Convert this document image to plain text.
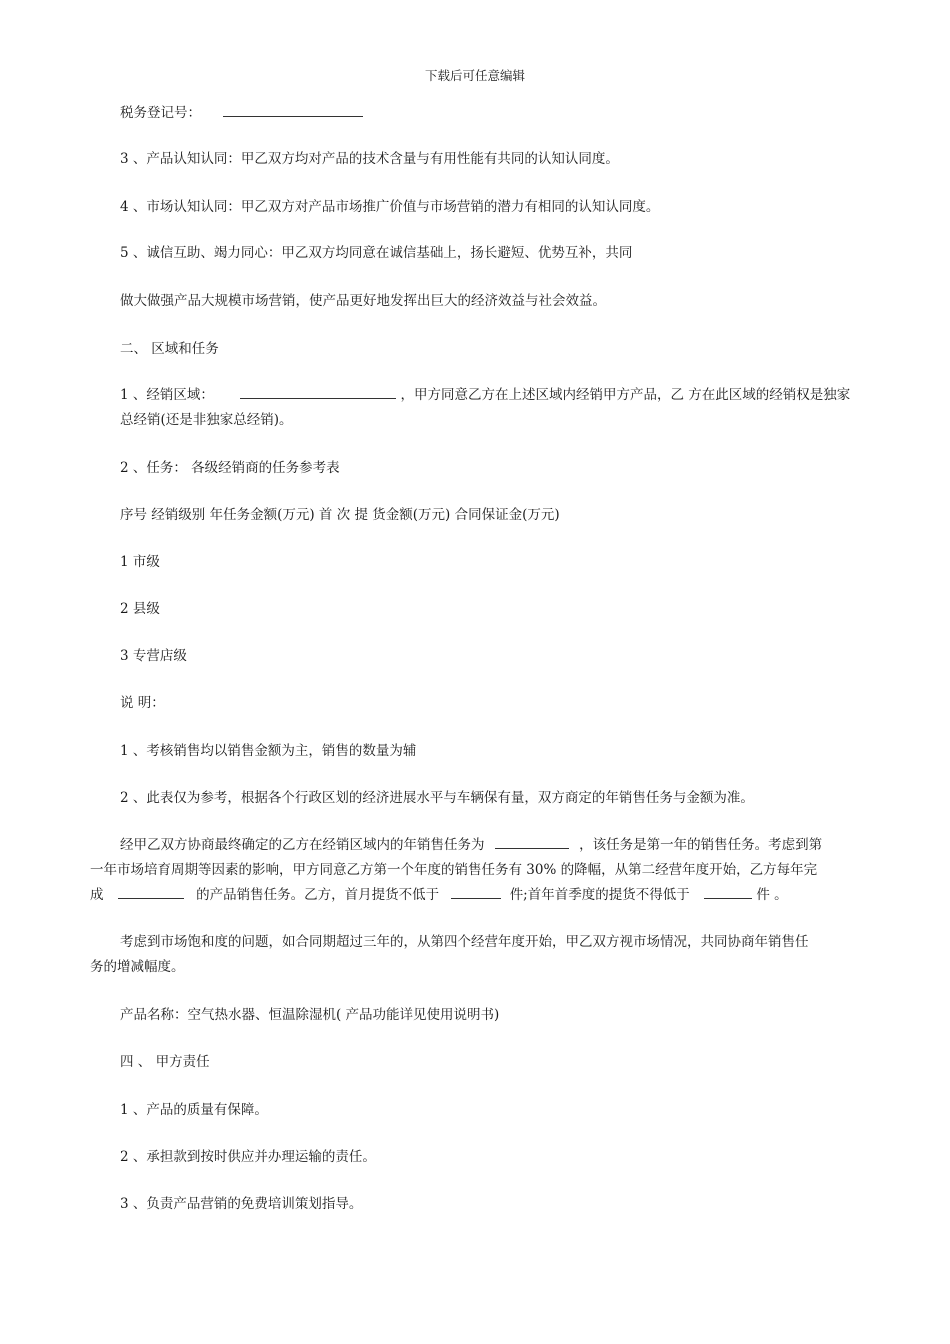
下载后可任意编辑
税务登记号：
3 、产品认知认同：甲乙双方均对产品的技术含量与有用性能有共同的认知认同度。
4 、市场认知认同：甲乙双方对产品市场推广价值与市场营销的潜力有相同的认知认同度。
5 、诚信互助、竭力同心：甲乙双方均同意在诚信基础上，扬长避短、优势互补，共同
做大做强产品大规模市场营销，使产品更好地发挥出巨大的经济效益与社会效益。
二、 区域和任务
1 、经销区域：	，甲方同意乙方在上述区域内经销甲方产品，乙 方在此区域的经销权是独家
总经销(还是非独家总经销)。
2 、任务： 各级经销商的任务参考表
序号 经销级别 年任务金额(万元) 首 次 提 货金额(万元) 合同保证金(万元)
1 市级
2 县级
3 专营店级
说 明：
1 、考核销售均以销售金额为主，销售的数量为辅
2 、此表仅为参考，根据各个行政区划的经济进展水平与车辆保有量，双方商定的年销售任务与金额为准。
经甲乙双方协商最终确定的乙方在经销区域内的年销售任务为	，该任务是第一年的销售任务。考虑到第
一年市场培育周期等因素的影响，甲方同意乙方第一个年度的销售任务有 30% 的降幅，从第二经营年度开始，乙方每年完
成	的产品销售任务。乙方，首月提货不低于	件;首年首季度的提货不得低于	件 。
考虑到市场饱和度的问题，如合同期超过三年的，从第四个经营年度开始，甲乙双方视市场情况，共同协商年销售任
务的增减幅度。
产品名称：空气热水器、恒温除湿机( 产品功能详见使用说明书)
四 、 甲方责任
1 、产品的质量有保障。
2 、承担款到按时供应并办理运输的责任。
3 、负责产品营销的免费培训策划指导。
